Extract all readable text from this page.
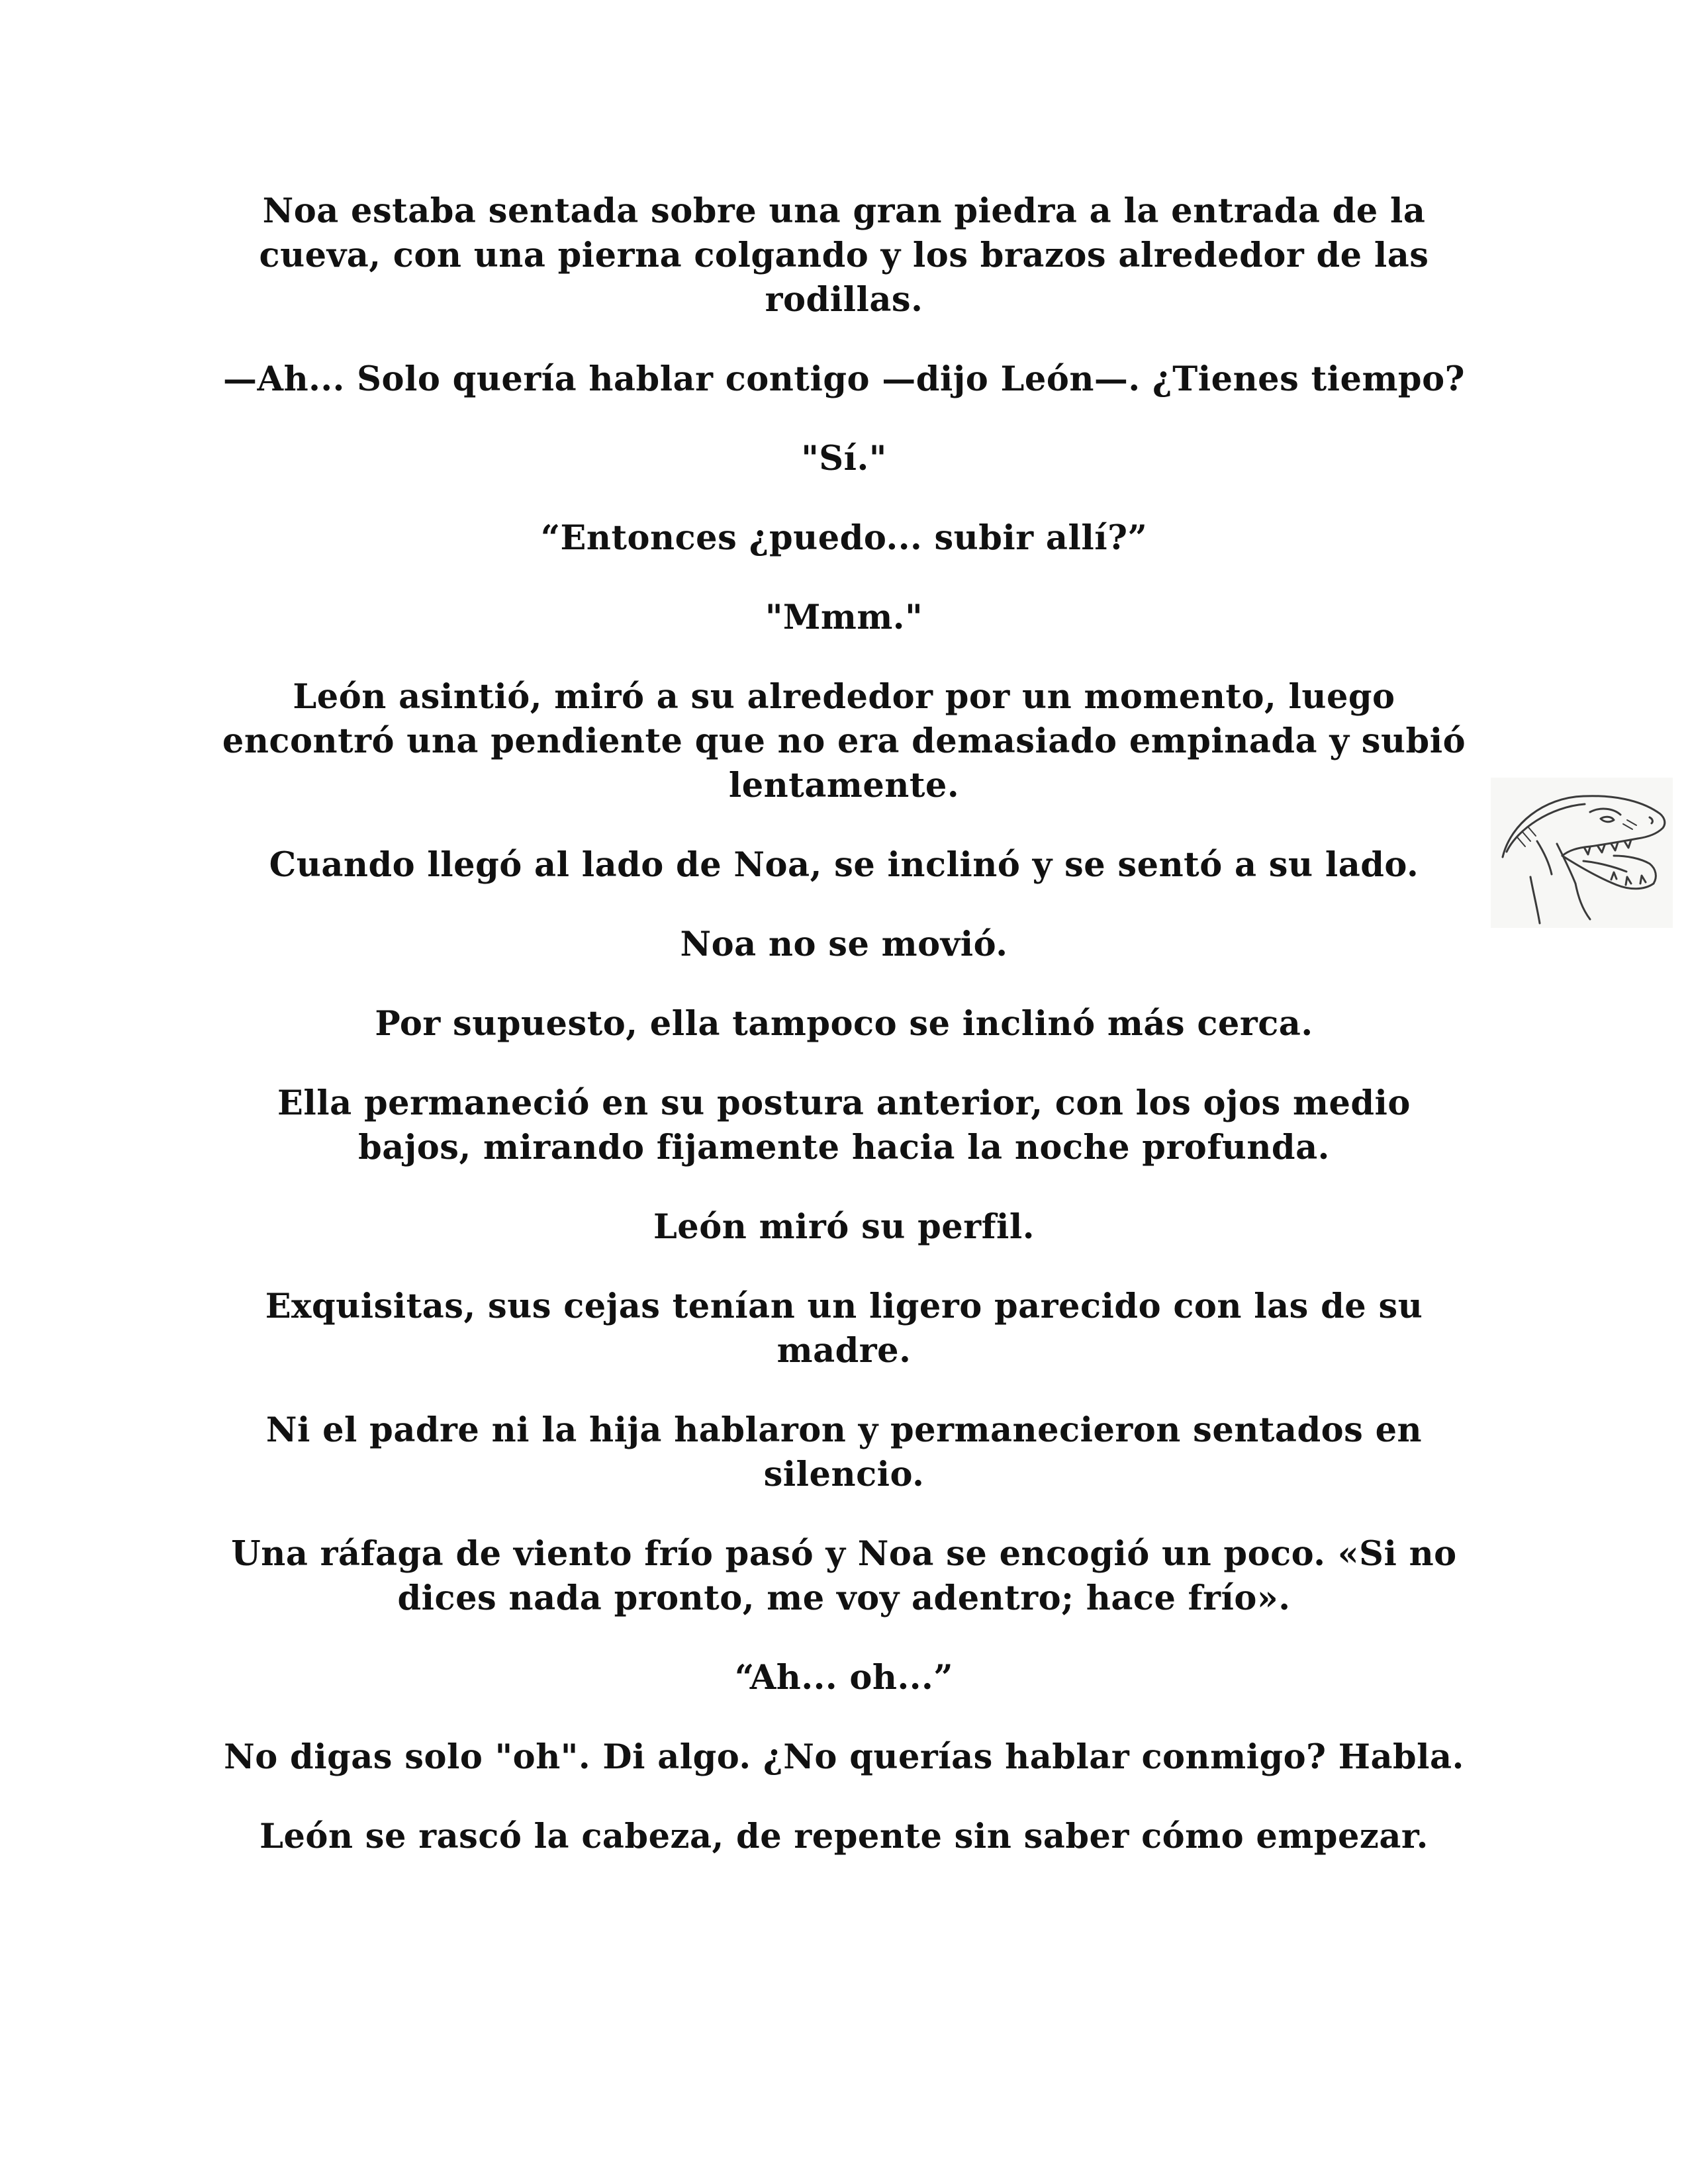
Noa estaba sentada sobre una gran piedra a la entrada de la cueva, con una pierna colgando y los brazos alrededor de las rodillas.

—Ah... Solo quería hablar contigo —dijo León—. ¿Tienes tiempo?

"Sí."

“Entonces ¿puedo... subir allí?”

"Mmm."

León asintió, miró a su alrededor por un momento, luego encontró una pendiente que no era demasiado empinada y subió lentamente.

Cuando llegó al lado de Noa, se inclinó y se sentó a su lado.

Noa no se movió.

Por supuesto, ella tampoco se inclinó más cerca.

Ella permaneció en su postura anterior, con los ojos medio bajos, mirando fijamente hacia la noche profunda.

León miró su perfil.

Exquisitas, sus cejas tenían un ligero parecido con las de su madre.

Ni el padre ni la hija hablaron y permanecieron sentados en silencio.

Una ráfaga de viento frío pasó y Noa se encogió un poco. «Si no dices nada pronto, me voy adentro; hace frío».

“Ah... oh...”

No digas solo "oh". Di algo. ¿No querías hablar conmigo? Habla.

León se rascó la cabeza, de repente sin saber cómo empezar.
